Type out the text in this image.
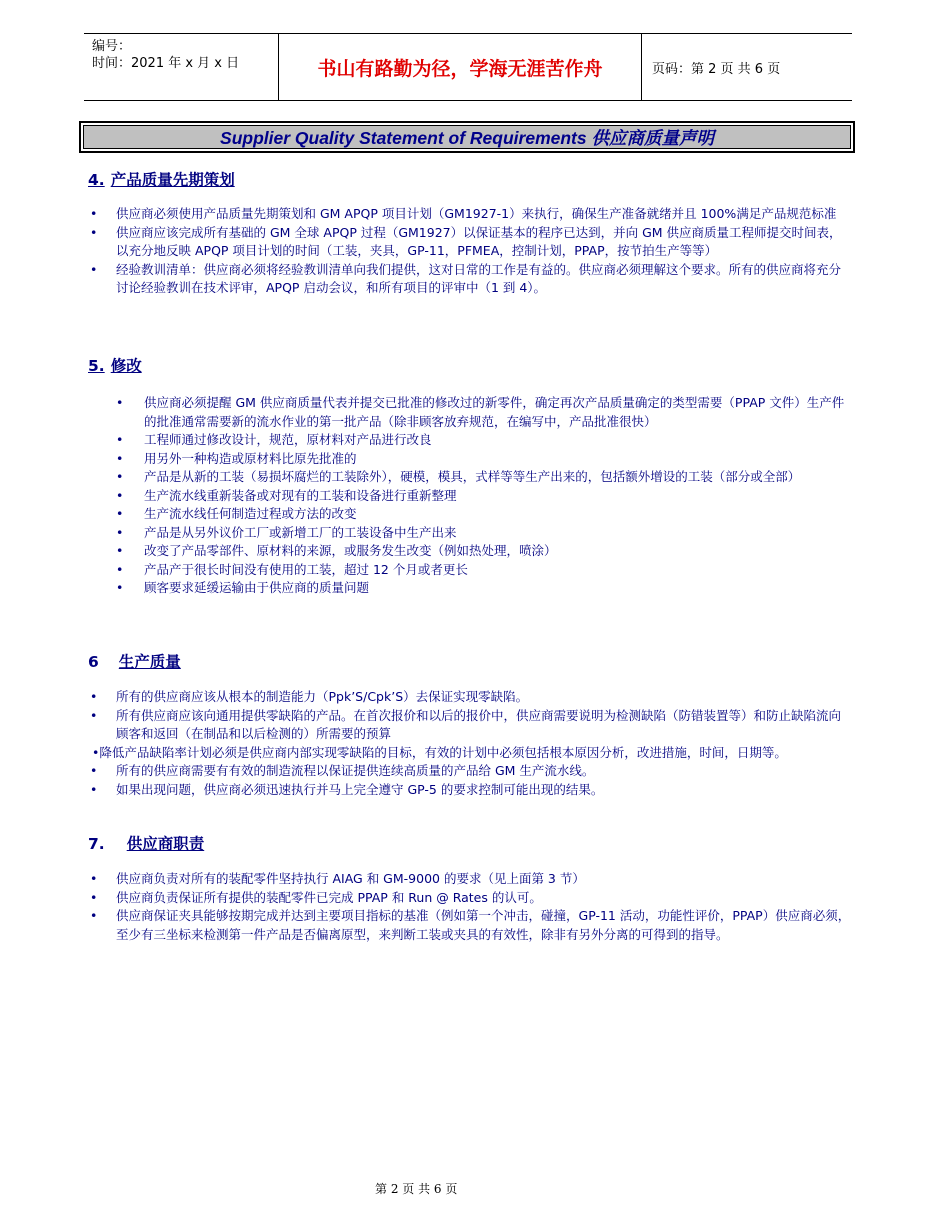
编号：
时间：2021 年 x 月 x 日	书山有路勤为径，学海无涯苦作舟	页码：第 2 页 共 6 页
Supplier Quality Statement of Requirements 供应商质量声明
4. 产品质量先期策划
• 供应商必须使用产品质量先期策划和 GM APQP 项目计划（GM1927-1）来执行，确保生产准备就绪并且 100%满足产品规范标准
• 供应商应该完成所有基础的 GM 全球 APQP 过程（GM1927）以保证基本的程序已达到，并向 GM 供应商质量工程师提交时间表，以充分地反映 APQP 项目计划的时间（工装，夹具，GP-11，PFMEA，控制计划，PPAP，按节拍生产等等）
• 经验教训清单：供应商必须将经验教训清单向我们提供，这对日常的工作是有益的。供应商必须理解这个要求。所有的供应商将充分讨论经验教训在技术评审，APQP 启动会议，和所有项目的评审中（1 到 4）。
5. 修改
• 供应商必须提醒 GM 供应商质量代表并提交已批准的修改过的新零件，确定再次产品质量确定的类型需要（PPAP 文件）生产件的批准通常需要新的流水作业的第一批产品（除非顾客放弃规范，在编写中，产品批准很快）
• 工程师通过修改设计，规范，原材料对产品进行改良
• 用另外一种构造或原材料比原先批准的
• 产品是从新的工装（易损坏腐烂的工装除外），硬模，模具，式样等等生产出来的，包括额外增设的工装（部分或全部）
• 生产流水线重新装备或对现有的工装和设备进行重新整理
• 生产流水线任何制造过程或方法的改变
• 产品是从另外议价工厂或新增工厂的工装设备中生产出来
• 改变了产品零部件、原材料的来源，或服务发生改变（例如热处理，喷涂）
• 产品产于很长时间没有使用的工装，超过 12 个月或者更长
• 顾客要求延缓运输由于供应商的质量问题
6 生产质量
• 所有的供应商应该从根本的制造能力（Ppk’S/Cpk’S）去保证实现零缺陷。
• 所有供应商应该向通用提供零缺陷的产品。在首次报价和以后的报价中，供应商需要说明为检测缺陷（防错装置等）和防止缺陷流向顾客和返回（在制品和以后检测的）所需要的预算
•降低产品缺陷率计划必须是供应商内部实现零缺陷的目标，有效的计划中必须包括根本原因分析，改进措施，时间，日期等。
• 所有的供应商需要有有效的制造流程以保证提供连续高质量的产品给 GM 生产流水线。
• 如果出现问题，供应商必须迅速执行并马上完全遵守 GP-5 的要求控制可能出现的结果。
7. 供应商职责
• 供应商负责对所有的装配零件坚持执行 AIAG 和 GM-9000 的要求（见上面第 3 节）
• 供应商负责保证所有提供的装配零件已完成 PPAP 和 Run @ Rates 的认可。
• 供应商保证夹具能够按期完成并达到主要项目指标的基准（例如第一个冲击，碰撞，GP-11 活动，功能性评价，PPAP）供应商必须，至少有三坐标来检测第一件产品是否偏离原型，来判断工装或夹具的有效性，除非有另外分离的可得到的指导。
第 2 页 共 6 页
